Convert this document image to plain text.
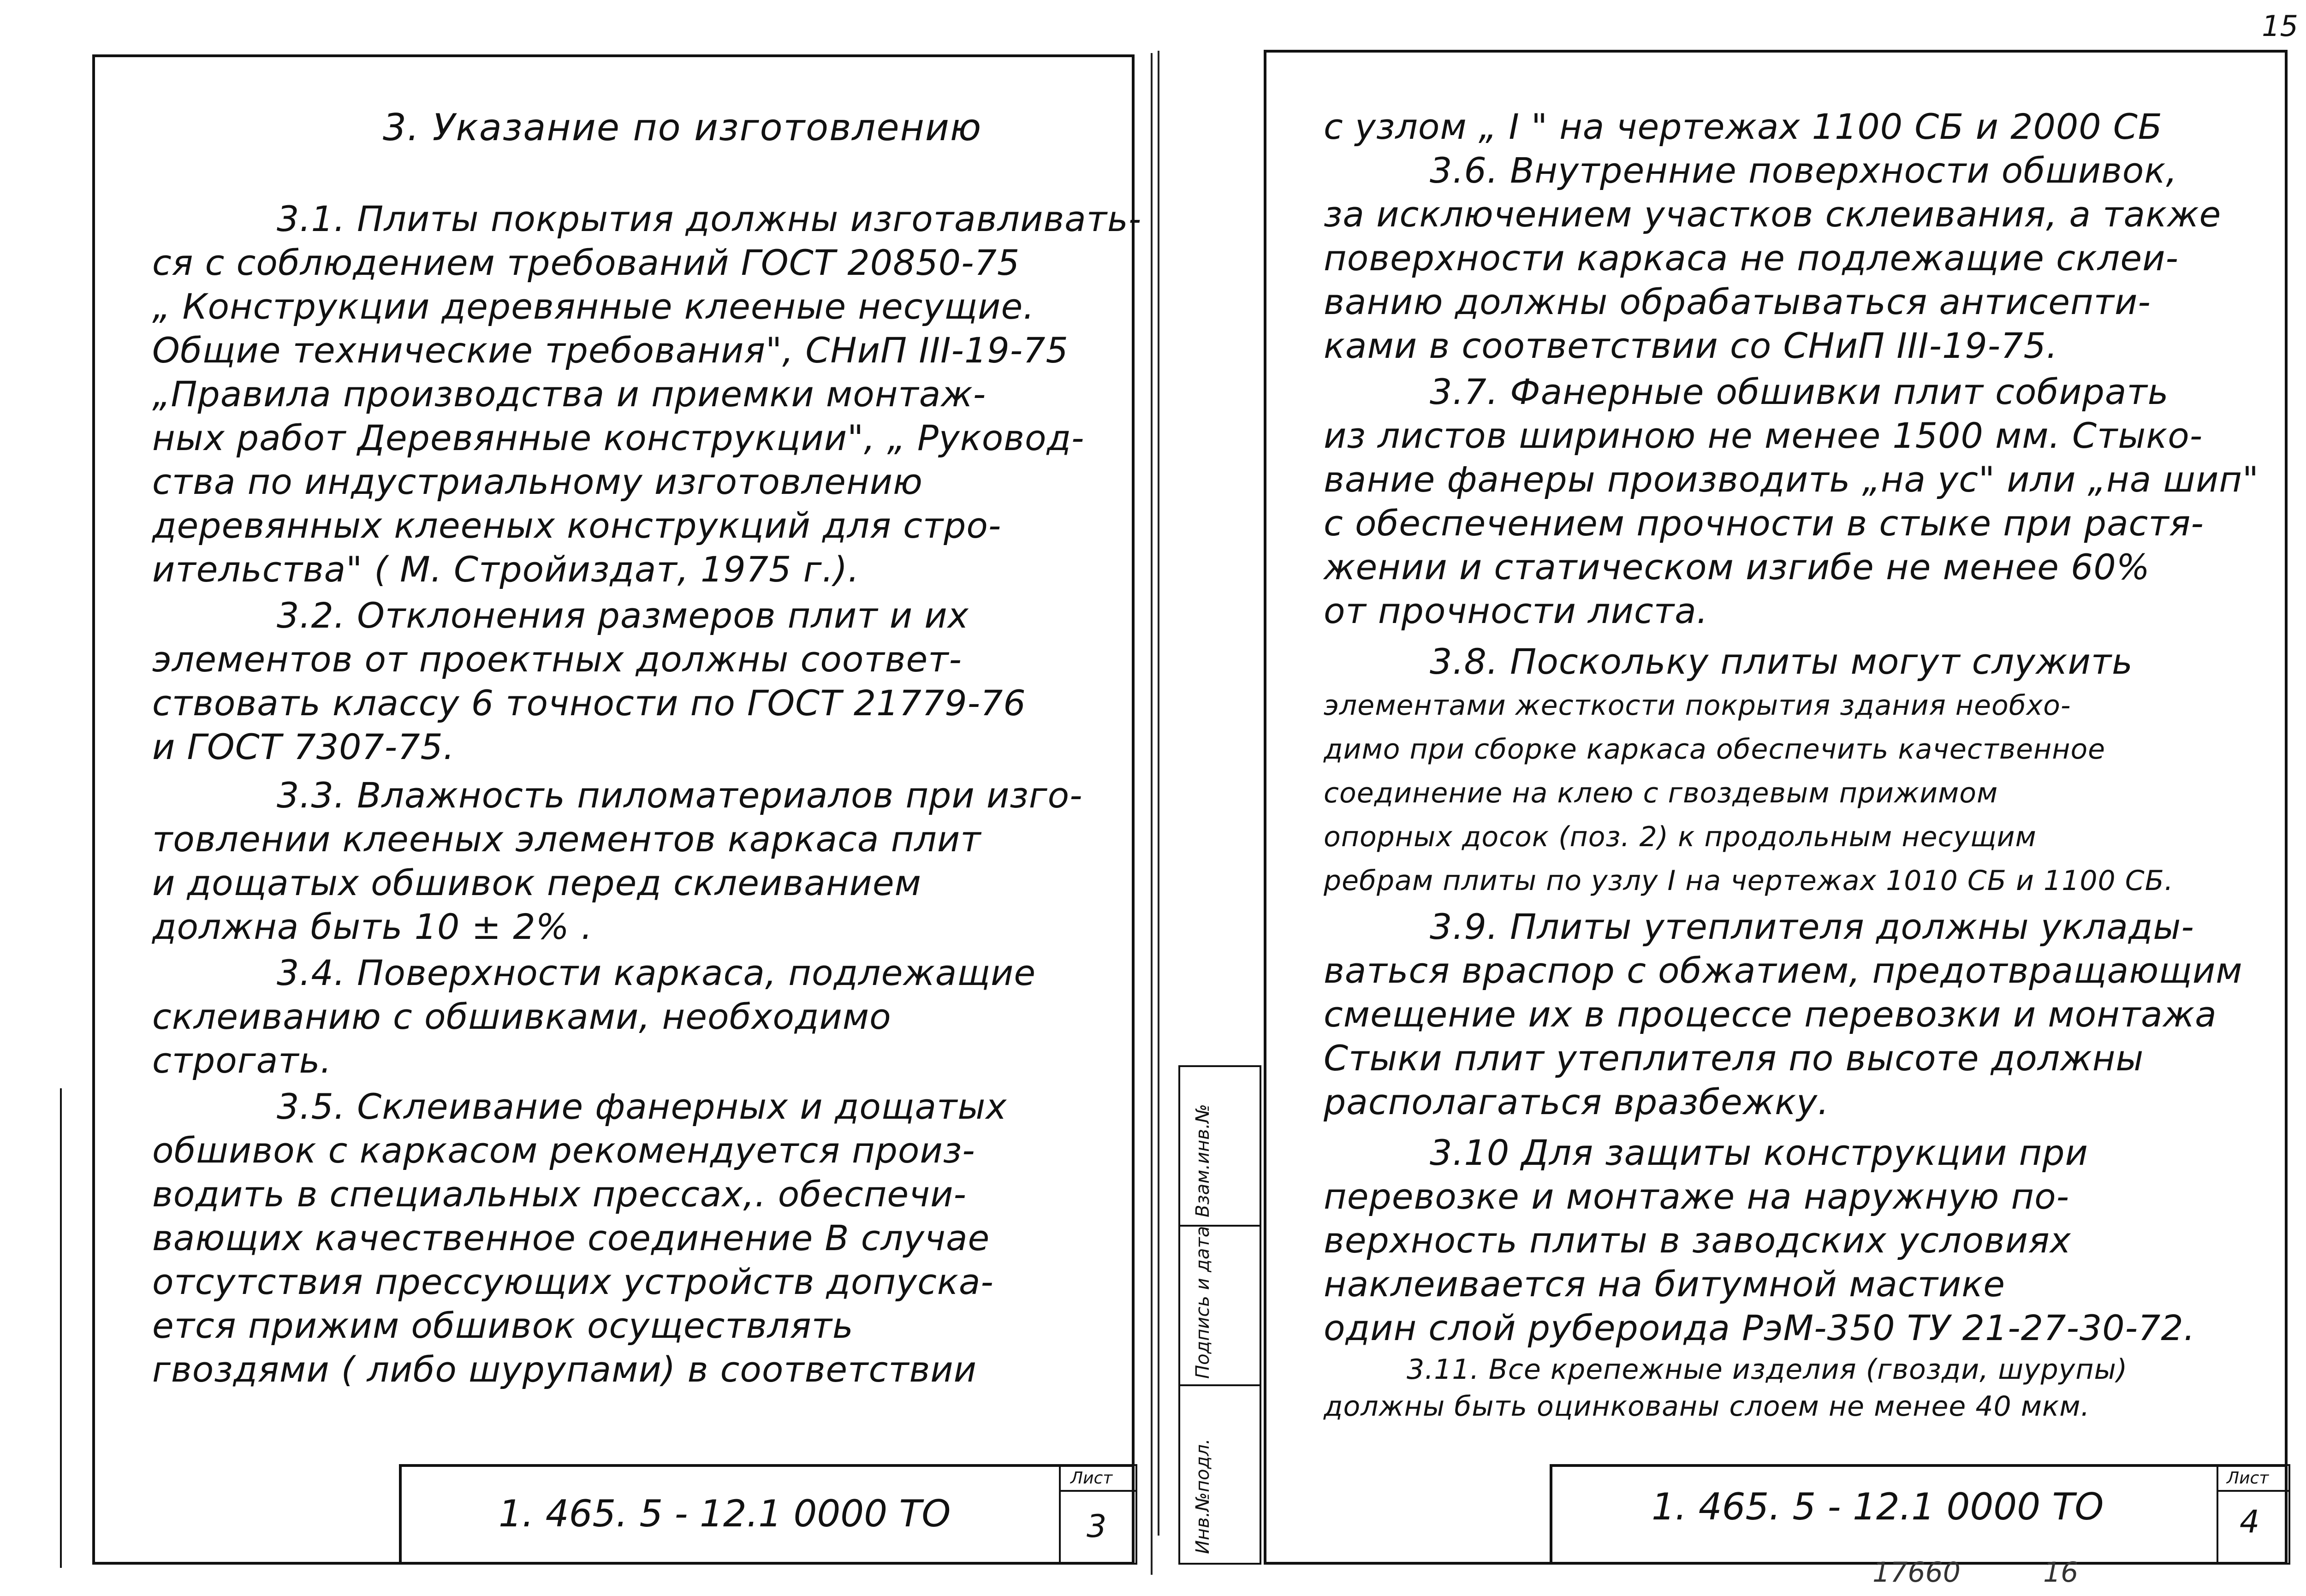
15
3. Указание по изготовлению
3.1. Плиты покрытия должны изготавливать-
ся с соблюдением требований ГОСТ 20850-75
„ Конструкции деревянные клееные несущие.
Общие технические требования", СНиП III-19-75
„Правила производства и приемки монтаж-
ных работ Деревянные конструкции", „ Руковод-
ства по индустриальному изготовлению
деревянных клееных конструкций для стро-
ительства" ( М. Стройиздат, 1975 г.).
3.2. Отклонения размеров плит и их
элементов от проектных должны соответ-
ствовать классу 6 точности по ГОСТ 21779-76
и ГОСТ 7307-75.
3.3. Влажность пиломатериалов при изго-
товлении клееных элементов каркаса плит
и дощатых обшивок перед склеиванием
должна быть 10 ± 2% .
3.4. Поверхности каркаса, подлежащие
склеиванию с обшивками, необходимо
строгать.
3.5. Склеивание фанерных и дощатых
обшивок с каркасом рекомендуется произ-
водить в специальных прессах,. обеспечи-
вающих качественное соединение В случае
отсутствия прессующих устройств допуска-
ется прижим обшивок осуществлять
гвоздями ( либо шурупами) в соответствии
1. 465. 5 - 12.1 0000 ТО
Лист
3
Взам.инв.№
Подпись и дата
Инв.№подл.
с узлом „ I " на чертежах 1100 СБ и 2000 СБ
3.6. Внутренние поверхности обшивок,
за исключением участков склеивания, а также
поверхности каркаса не подлежащие склеи-
ванию должны обрабатываться антисепти-
ками в соответствии со СНиП III-19-75.
3.7. Фанерные обшивки плит собирать
из листов шириною не менее 1500 мм. Стыко-
вание фанеры производить „на ус" или „на шип"
с обеспечением прочности в стыке при растя-
жении и статическом изгибе не менее 60%
от прочности листа.
3.8. Поскольку плиты могут служить
элементами жесткости покрытия здания необхо-
димо при сборке каркаса обеспечить качественное
соединение на клею с гвоздевым прижимом
опорных досок (поз. 2) к продольным несущим
ребрам плиты по узлу I на чертежах 1010 СБ и 1100 СБ.
3.9. Плиты утеплителя должны уклады-
ваться враспор с обжатием, предотвращающим
смещение их в процессе перевозки и монтажа
Стыки плит утеплителя по высоте должны
располагаться вразбежку.
3.10 Для защиты конструкции при
перевозке и монтаже на наружную по-
верхность плиты в заводских условиях
наклеивается на битумной мастике
один слой рубероида РэМ-350 ТУ 21-27-30-72.
3.11. Все крепежные изделия (гвозди, шурупы)
должны быть оцинкованы слоем не менее 40 мкм.
1. 465. 5 - 12.1 0000 ТО
Лист
4
17660	16
